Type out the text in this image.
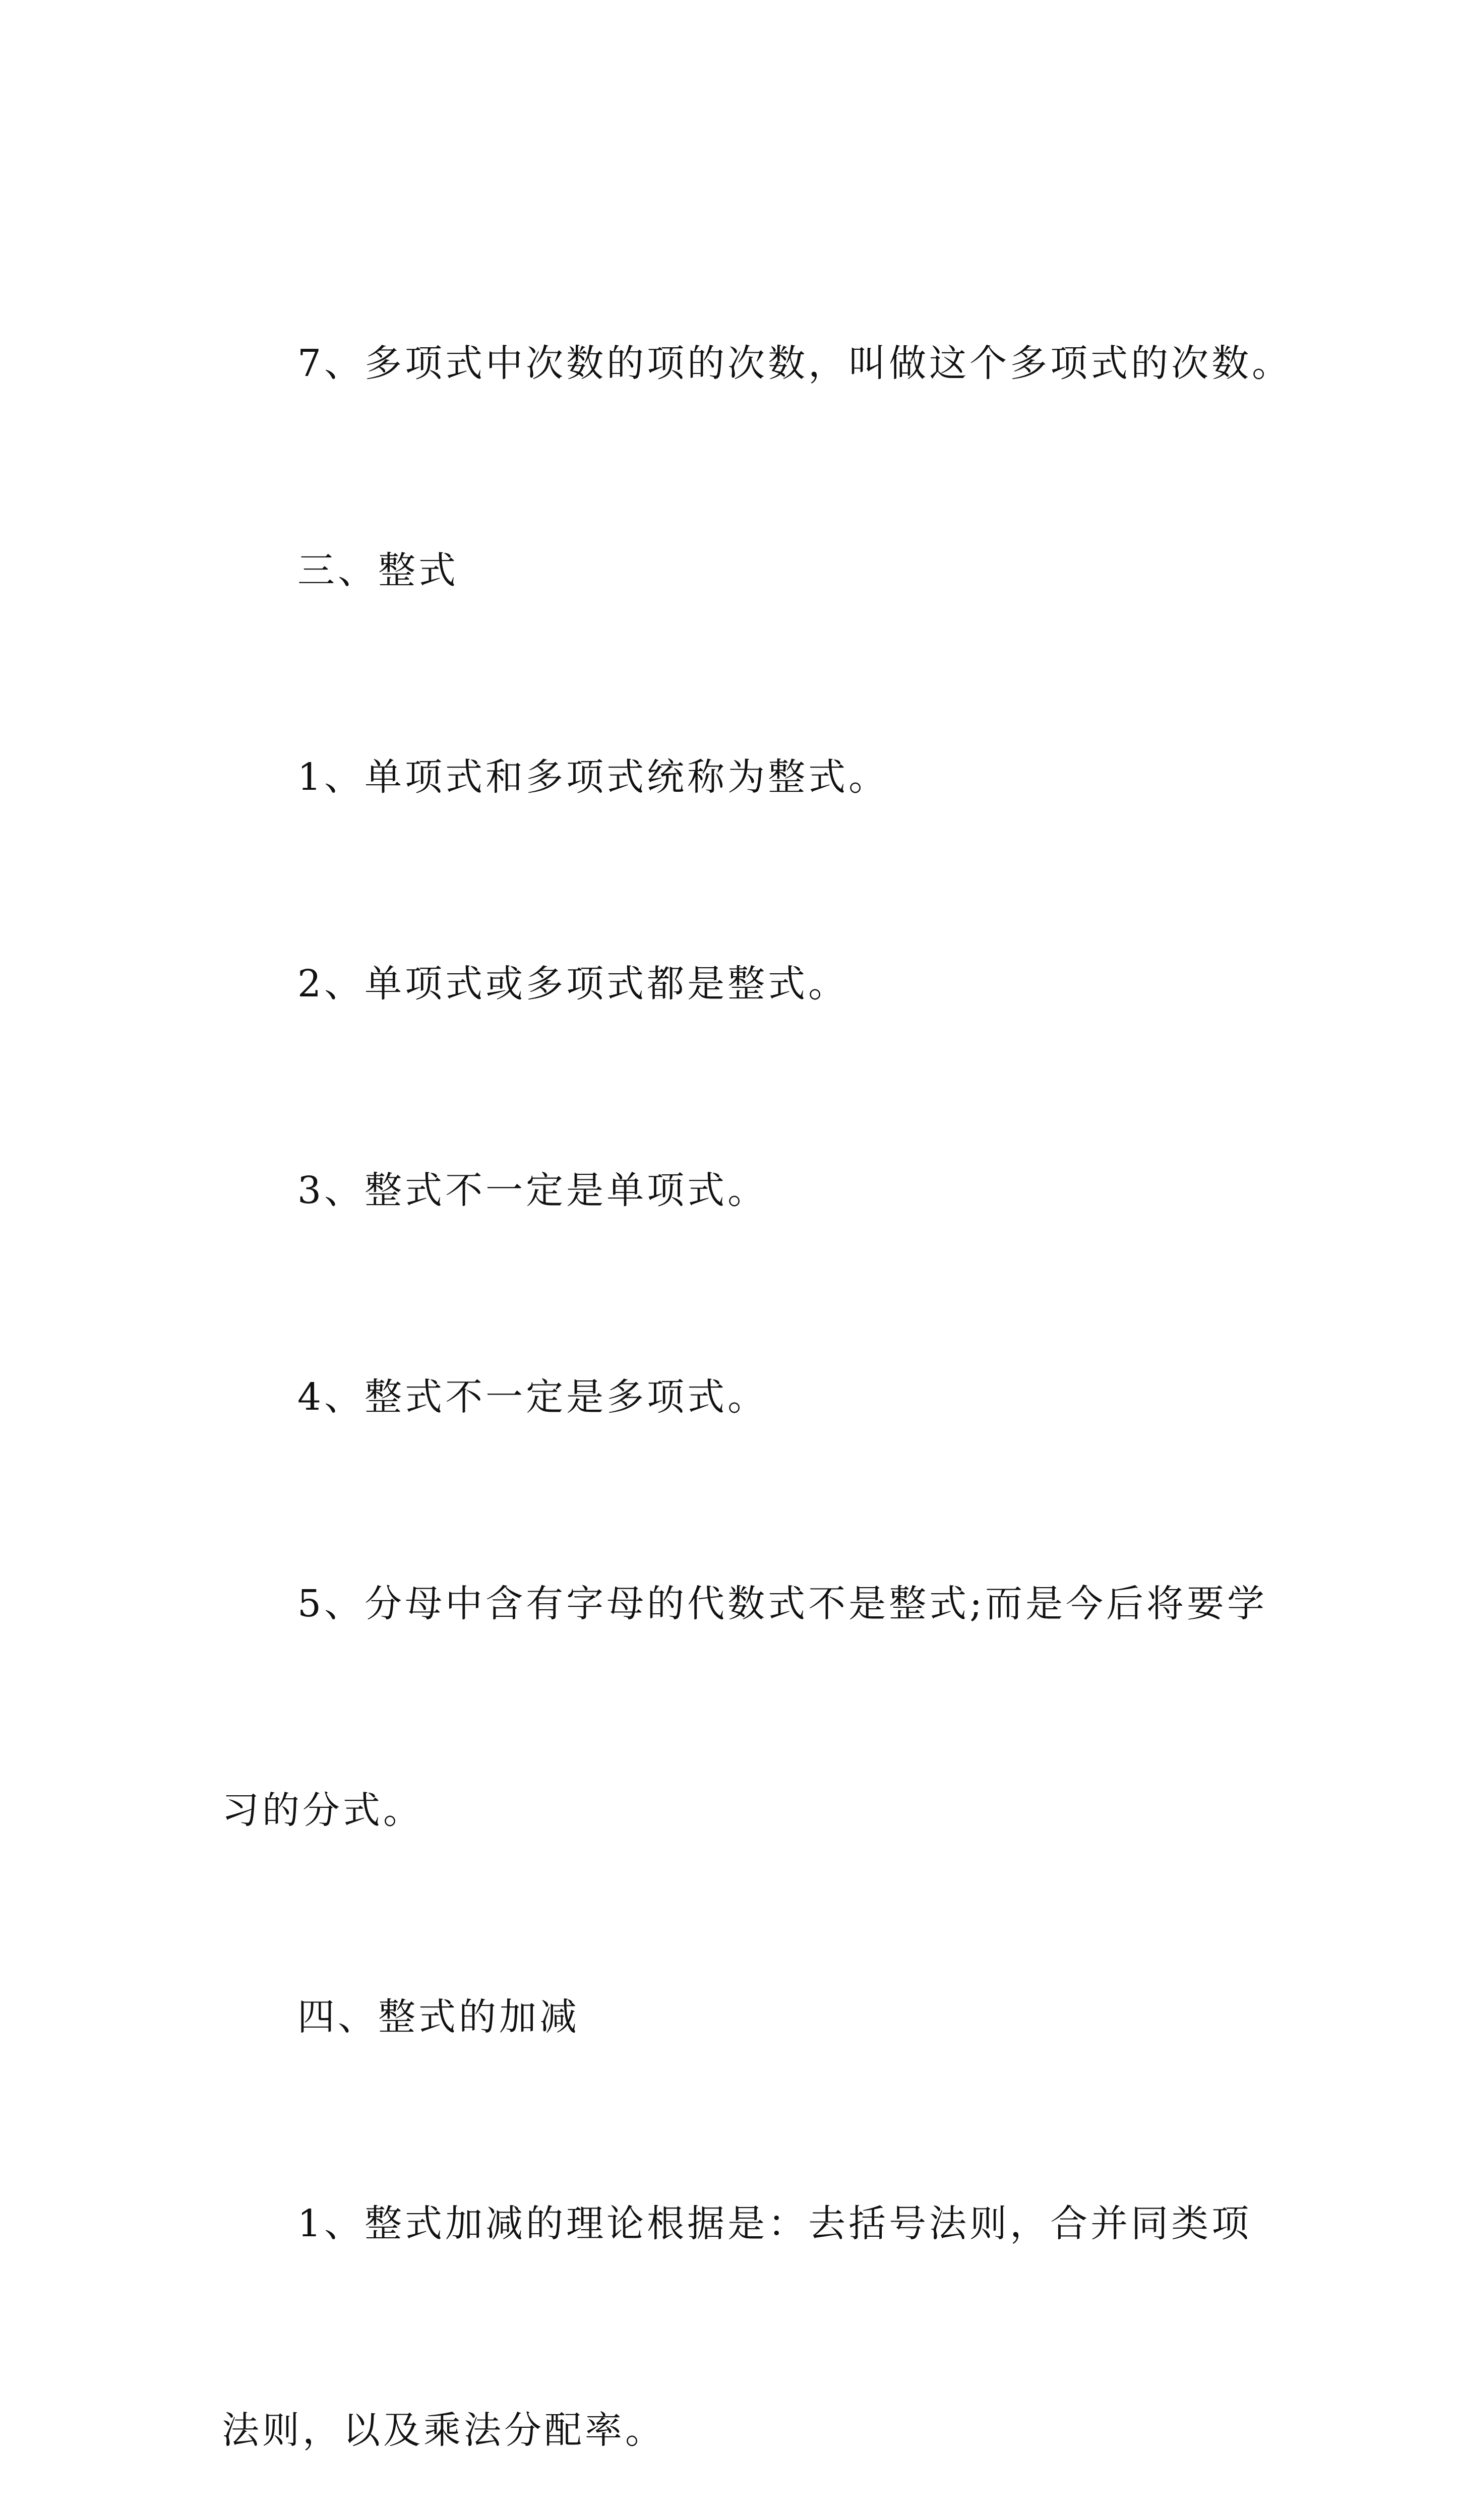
7、多项式中次数的项的次数，叫做这个多项式的次数。

三、整式

1、单项式和多项式统称为整式。

2、单项式或多项式都是整式。

3、整式不一定是单项式。

4、整式不一定是多项式。

5、分母中含有字母的代数式不是整式;而是今后将要学

习的分式。

四、整式的加减

1、整式加减的理论根据是：去括号法则，合并同类项

法则，以及乘法分配率。
